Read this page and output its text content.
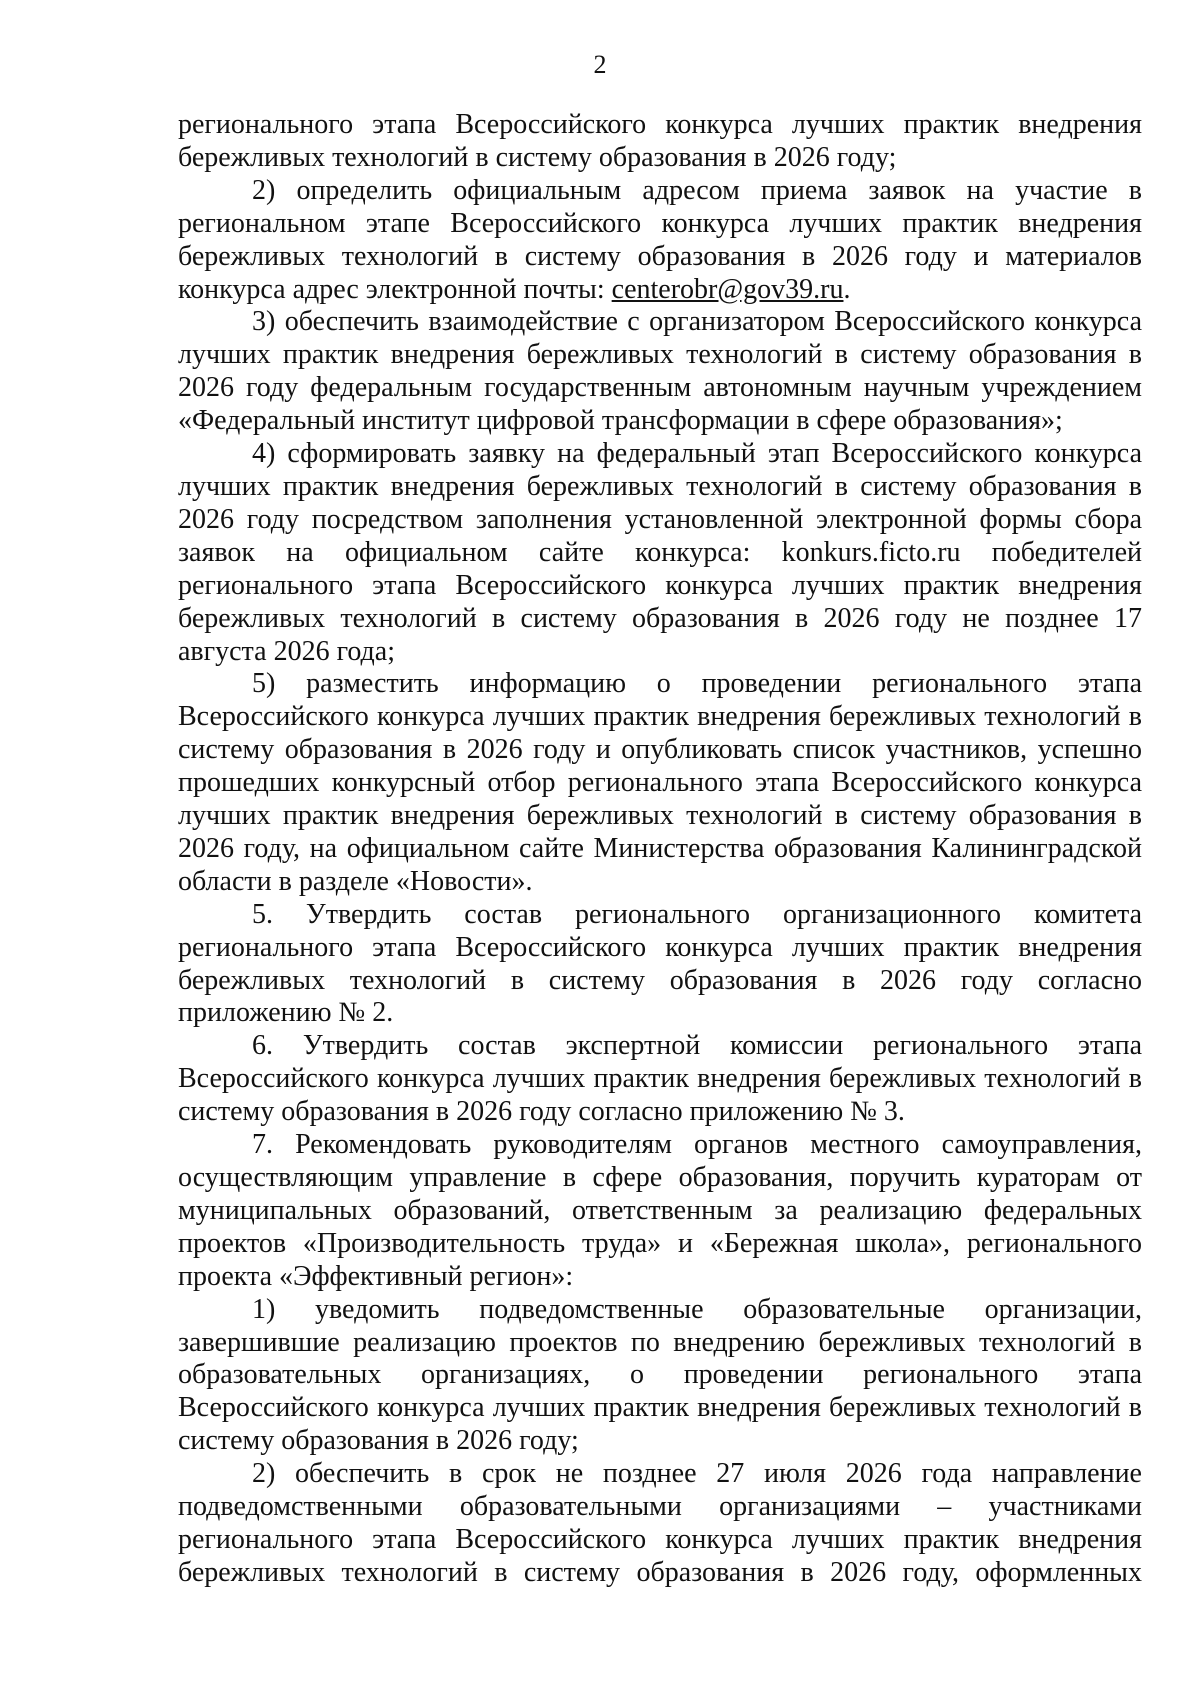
2

регионального этапа Всероссийского конкурса лучших практик внедрения бережливых технологий в систему образования в 2026 году;

2) определить официальным адресом приема заявок на участие в региональном этапе Всероссийского конкурса лучших практик внедрения бережливых технологий в систему образования в 2026 году и материалов конкурса адрес электронной почты: centerobr@gov39.ru.

3) обеспечить взаимодействие с организатором Всероссийского конкурса лучших практик внедрения бережливых технологий в систему образования в 2026 году федеральным государственным автономным научным учреждением «Федеральный институт цифровой трансформации в сфере образования»;

4) сформировать заявку на федеральный этап Всероссийского конкурса лучших практик внедрения бережливых технологий в систему образования в 2026 году посредством заполнения установленной электронной формы сбора заявок на официальном сайте конкурса: konkurs.ficto.ru победителей регионального этапа Всероссийского конкурса лучших практик внедрения бережливых технологий в систему образования в 2026 году не позднее 17 августа 2026 года;

5) разместить информацию о проведении регионального этапа Всероссийского конкурса лучших практик внедрения бережливых технологий в систему образования в 2026 году и опубликовать список участников, успешно прошедших конкурсный отбор регионального этапа Всероссийского конкурса лучших практик внедрения бережливых технологий в систему образования в 2026 году, на официальном сайте Министерства образования Калининградской области в разделе «Новости».

5. Утвердить состав регионального организационного комитета регионального этапа Всероссийского конкурса лучших практик внедрения бережливых технологий в систему образования в 2026 году согласно приложению № 2.

6. Утвердить состав экспертной комиссии регионального этапа Всероссийского конкурса лучших практик внедрения бережливых технологий в систему образования в 2026 году согласно приложению № 3.

7. Рекомендовать руководителям органов местного самоуправления, осуществляющим управление в сфере образования, поручить кураторам от муниципальных образований, ответственным за реализацию федеральных проектов «Производительность труда» и «Бережная школа», регионального проекта «Эффективный регион»:

1) уведомить подведомственные образовательные организации, завершившие реализацию проектов по внедрению бережливых технологий в образовательных организациях, о проведении регионального этапа Всероссийского конкурса лучших практик внедрения бережливых технологий в систему образования в 2026 году;

2) обеспечить в срок не позднее 27 июля 2026 года направление подведомственными образовательными организациями – участниками регионального этапа Всероссийского конкурса лучших практик внедрения бережливых технологий в систему образования в 2026 году, оформленных
